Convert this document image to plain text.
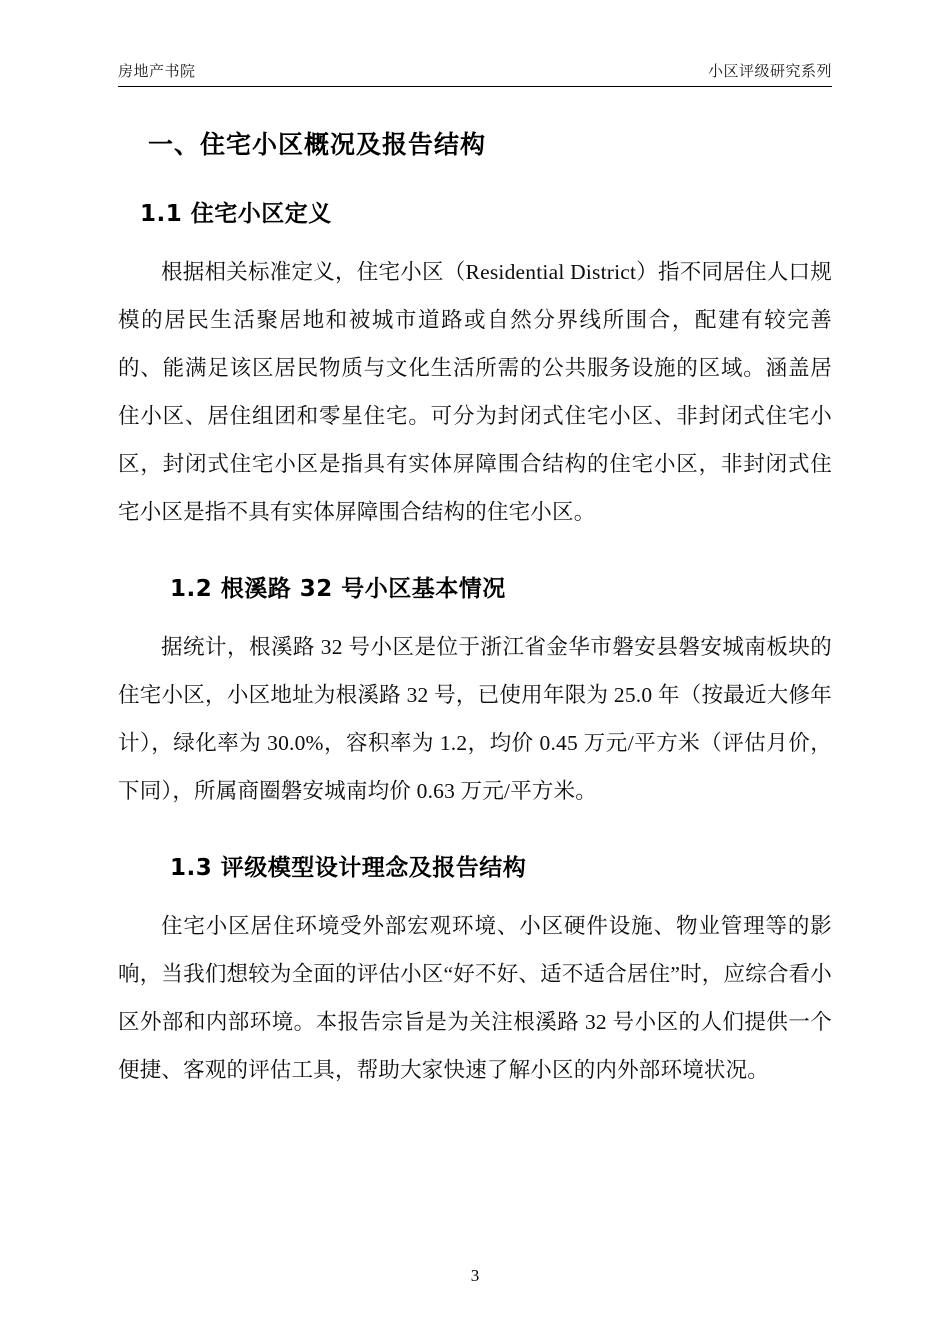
房地产书院	小区评级研究系列
一、住宅小区概况及报告结构
1.1 住宅小区定义

根据相关标准定义，住宅小区（Residential District）指不同居住人口规模的居民生活聚居地和被城市道路或自然分界线所围合，配建有较完善的、能满足该区居民物质与文化生活所需的公共服务设施的区域。涵盖居住小区、居住组团和零星住宅。可分为封闭式住宅小区、非封闭式住宅小区，封闭式住宅小区是指具有实体屏障围合结构的住宅小区，非封闭式住宅小区是指不具有实体屏障围合结构的住宅小区。

1.2 根溪路 32 号小区基本情况

据统计，根溪路 32 号小区是位于浙江省金华市磐安县磐安城南板块的住宅小区，小区地址为根溪路 32 号，已使用年限为 25.0 年（按最近大修年计），绿化率为 30.0%，容积率为 1.2，均价 0.45 万元/平方米（评估月价，下同），所属商圈磐安城南均价 0.63 万元/平方米。

1.3 评级模型设计理念及报告结构

住宅小区居住环境受外部宏观环境、小区硬件设施、物业管理等的影响，当我们想较为全面的评估小区“好不好、适不适合居住”时，应综合看小区外部和内部环境。本报告宗旨是为关注根溪路 32 号小区的人们提供一个便捷、客观的评估工具，帮助大家快速了解小区的内外部环境状况。

3
